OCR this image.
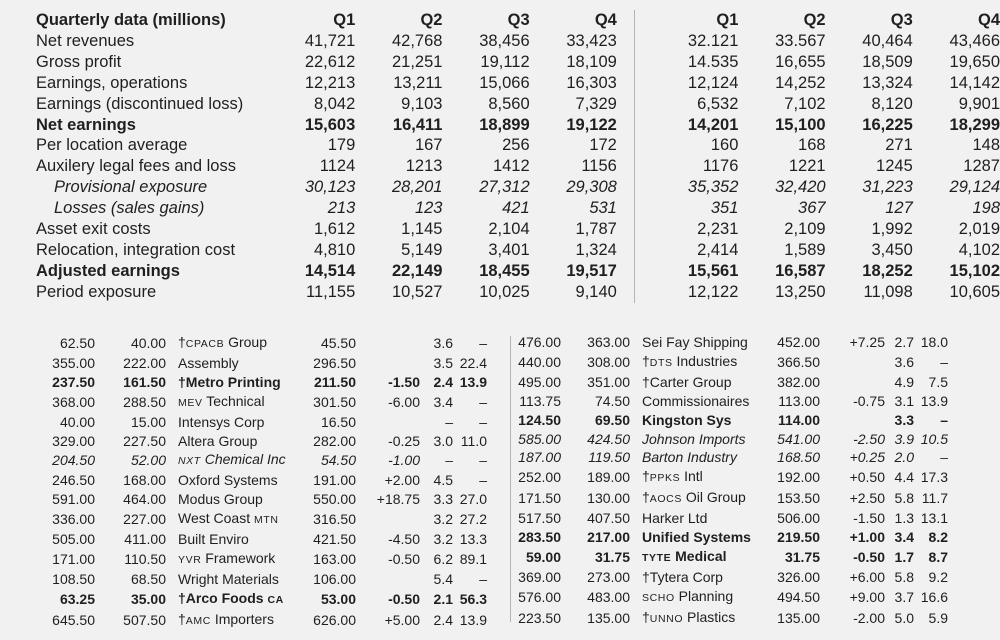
Quarterly data (millions)	Q1	Q2	Q3	Q4				Q1	Q2	Q3	Q4
Net revenues	41,721	42,768	38,456	33,423				32.121	33.567	40,464	43,466
Gross profit	22,612	21,251	19,112	18,109				14.535	16,655	18,509	19,650
Earnings, operations	12,213	13,211	15,066	16,303				12,124	14,252	13,324	14,142
Earnings (discontinued loss)	8,042	9,103	8,560	7,329				6,532	7,102	8,120	9,901
Net earnings	15,603	16,411	18,899	19,122				14,201	15,100	16,225	18,299
Per location average	179	167	256	172				160	168	271	148
Auxilery legal fees and loss	1124	1213	1412	1156				1176	1221	1245	1287
Provisional exposure	30,123	28,201	27,312	29,308				35,352	32,420	31,223	29,124
Losses (sales gains)	213	123	421	531				351	367	127	198
Asset exit costs	1,612	1,145	2,104	1,787				2,231	2,109	1,992	2,019
Relocation, integration cost	4,810	5,149	3,401	1,324				2,414	1,589	3,450	4,102
Adjusted earnings	14,514	22,149	18,455	19,517				15,561	16,587	18,252	15,102
Period exposure	11,155	10,527	10,025	9,140				12,122	13,250	11,098	10,605
62.50	40.00	†CPACB Group	45.50		3.6	–
355.00	222.00	Assembly	296.50		3.5	22.4
237.50	161.50	†Metro Printing	211.50	-1.50	2.4	13.9
368.00	288.50	MEV Technical	301.50	-6.00	3.4	–
40.00	15.00	Intensys Corp	16.50		–	–
329.00	227.50	Altera Group	282.00	-0.25	3.0	11.0
204.50	52.00	NXT Chemical Inc	54.50	-1.00	–	–
246.50	168.00	Oxford Systems	191.00	+2.00	4.5	–
591.00	464.00	Modus Group	550.00	+18.75	3.3	27.0
336.00	227.00	West Coast MTN	316.50		3.2	27.2
505.00	411.00	Built Enviro	421.50	-4.50	3.2	13.3
171.00	110.50	YVR Framework	163.00	-0.50	6.2	89.1
108.50	68.50	Wright Materials	106.00		5.4	–
63.25	35.00	†Arco Foods CA	53.00	-0.50	2.1	56.3
645.50	507.50	†AMC Importers	626.00	+5.00	2.4	13.9
476.00	363.00	Sei Fay Shipping	452.00	+7.25	2.7	18.0
440.00	308.00	†DTS Industries	366.50		3.6	–
495.00	351.00	†Carter Group	382.00		4.9	7.5
113.75	74.50	Commissionaires	113.00	-0.75	3.1	13.9
124.50	69.50	Kingston Sys	114.00		3.3	–
585.00	424.50	Johnson Imports	541.00	-2.50	3.9	10.5
187.00	119.50	Barton Industry	168.50	+0.25	2.0	–
252.00	189.00	†PPKS Intl	192.00	+0.50	4.4	17.3
171.50	130.00	†AOCS Oil Group	153.50	+2.50	5.8	11.7
517.50	407.50	Harker Ltd	506.00	-1.50	1.3	13.1
283.50	217.00	Unified Systems	219.50	+1.00	3.4	8.2
59.00	31.75	TYTE Medical	31.75	-0.50	1.7	8.7
369.00	273.00	†Tytera Corp	326.00	+6.00	5.8	9.2
576.00	483.00	SCHO Planning	494.50	+9.00	3.7	16.6
223.50	135.00	†UNNO Plastics	135.00	-2.00	5.0	5.9
